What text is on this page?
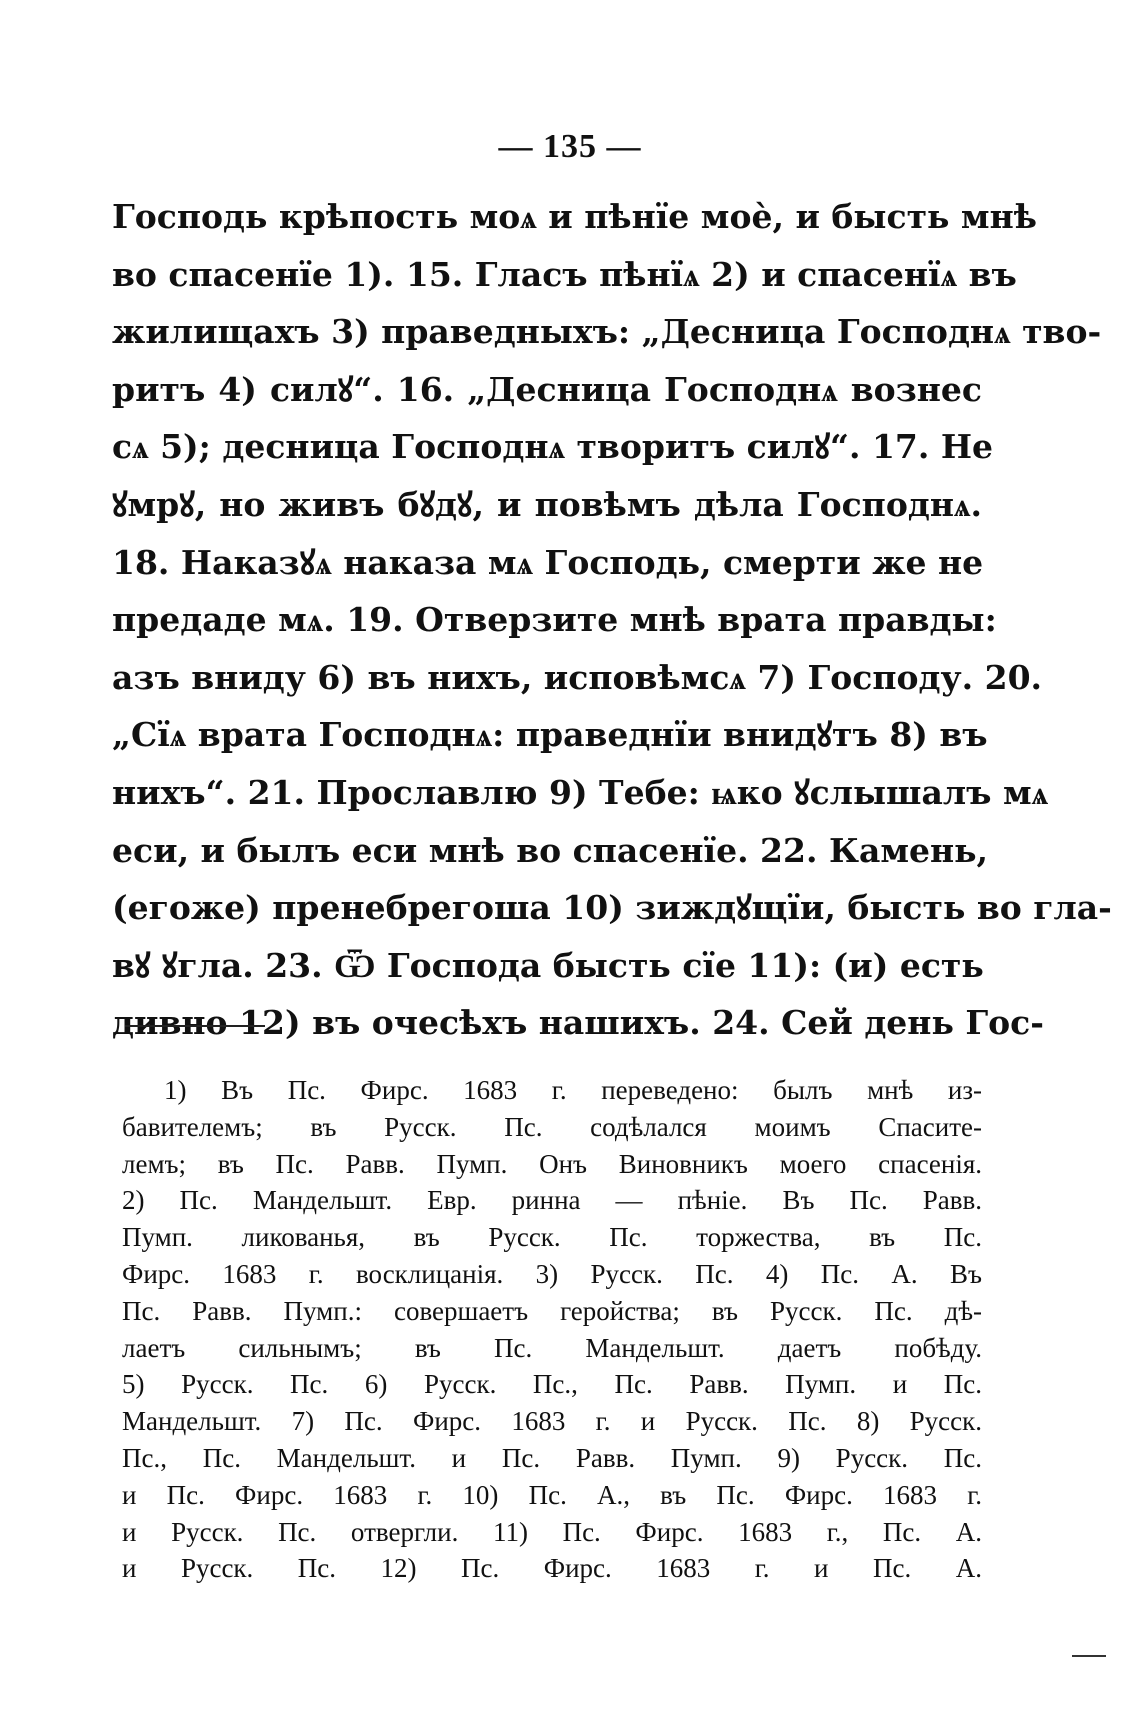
— 135 —
Господь крѣпость моѧ и пѣнїе моѐ, и бысть мнѣ
во спасенїе 1). 15. Гласъ пѣнїѧ 2) и спасенїѧ въ
жилищахъ 3) праведныхъ: „Десница Господнѧ тво-
ритъ 4) силꙋ“. 16. „Десница Господнѧ вознес
сѧ 5); десница Господнѧ творитъ силꙋ“. 17. Не
ꙋмрꙋ, но живъ бꙋдꙋ, и повѣмъ дѣла Господнѧ.
18. Наказꙋѧ наказа мѧ Господь, смерти же не
предаде мѧ. 19. Отверзите мнѣ врата правды:
азъ вниду 6) въ нихъ, исповѣмсѧ 7) Господу. 20.
„Сїѧ врата Господнѧ: праведнїи внидꙋтъ 8) въ
нихъ“. 21. Прославлю 9) Тебе: ѩко ꙋслышалъ мѧ
еси, и былъ еси мнѣ во спасенїе. 22. Камень,
(егоже) пренебрегоша 10) зиждꙋщїи, бысть во гла-
вꙋ ꙋгла. 23. Ѿ Господа бысть сїе 11): (и) есть
дивно 12) въ очесѣхъ нашихъ. 24. Сей день Гос-
1) Въ Пс. Фирс. 1683 г. переведено: былъ мнѣ из-
бавителемъ; въ Русск. Пс. содѣлался моимъ Спасите-
лемъ; въ Пс. Равв. Пумп. Онъ Виновникъ моего спасенія.
2) Пс. Мандельшт. Евр. ринна — пѣніе. Въ Пс. Равв.
Пумп. ликованья, въ Русск. Пс. торжества, въ Пс.
Фирс. 1683 г. восклицанія. 3) Русск. Пс. 4) Пс. А. Въ
Пс. Равв. Пумп.: совершаетъ геройства; въ Русск. Пс. дѣ-
лаетъ сильнымъ; въ Пс. Мандельшт. даетъ побѣду.
5) Русск. Пс. 6) Русск. Пс., Пс. Равв. Пумп. и Пс.
Мандельшт. 7) Пс. Фирс. 1683 г. и Русск. Пс. 8) Русск.
Пс., Пс. Мандельшт. и Пс. Равв. Пумп. 9) Русск. Пс.
и Пс. Фирс. 1683 г. 10) Пс. А., въ Пс. Фирс. 1683 г.
и Русск. Пс. отвергли. 11) Пс. Фирс. 1683 г., Пс. А.
и Русск. Пс. 12) Пс. Фирс. 1683 г. и Пс. А.
